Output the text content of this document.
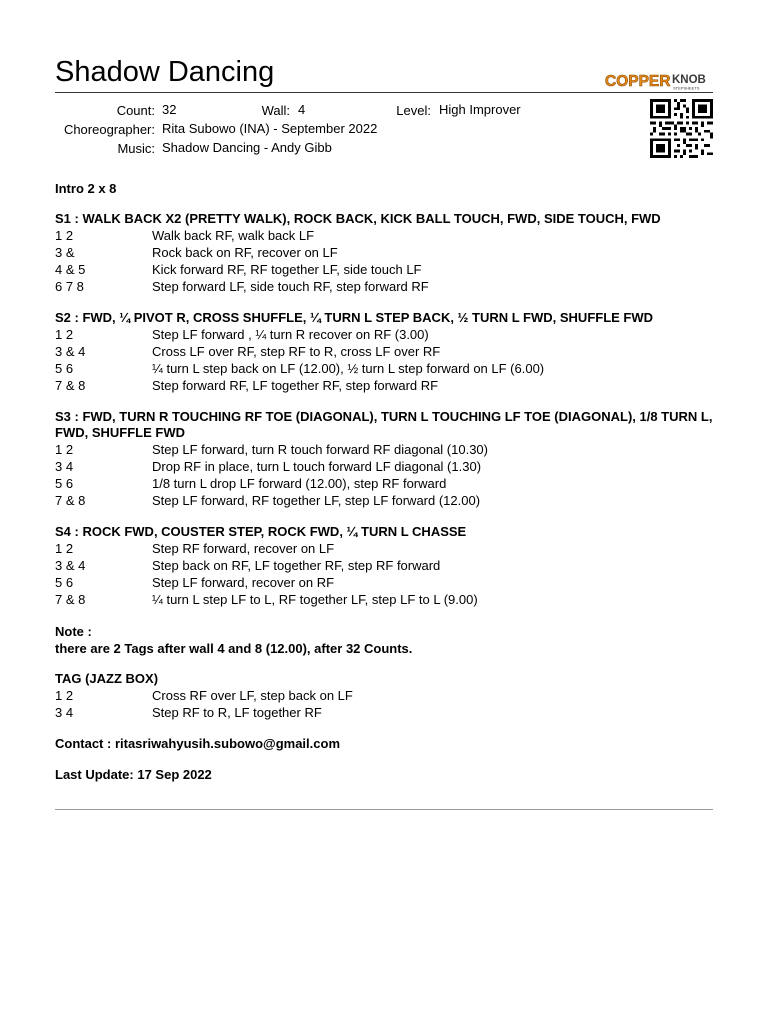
Shadow Dancing	COPPER KNOB
STEPSHEETS
Count: 32	Wall: 4	Level: High Improver
Choreographer: Rita Subowo (INA) - September 2022
Music: Shadow Dancing - Andy Gibb
Intro 2 x 8
S1 : WALK BACK X2 (PRETTY WALK), ROCK BACK, KICK BALL TOUCH, FWD, SIDE TOUCH, FWD
1 2	Walk back RF, walk back LF
3 &	Rock back on RF, recover on LF
4 & 5	Kick forward RF, RF together LF, side touch LF
6 7 8	Step forward LF, side touch RF, step forward RF
S2 : FWD, ¼ PIVOT R, CROSS SHUFFLE, ¼ TURN L STEP BACK, ½ TURN L FWD, SHUFFLE FWD
1 2	Step LF forward , ¼ turn R recover on RF (3.00)
3 & 4	Cross LF over RF, step RF to R, cross LF over RF
5 6	¼ turn L step back on LF (12.00), ½ turn L step forward on LF (6.00)
7 & 8	Step forward RF, LF together RF, step forward RF
S3 : FWD, TURN R TOUCHING RF TOE (DIAGONAL), TURN L TOUCHING LF TOE (DIAGONAL), 1/8 TURN L, FWD, SHUFFLE FWD
1 2	Step LF forward, turn R touch forward RF diagonal (10.30)
3 4	Drop RF in place, turn L touch forward LF diagonal (1.30)
5 6	1/8 turn L drop LF forward (12.00), step RF forward
7 & 8	Step LF forward, RF together LF, step LF forward (12.00)
S4 : ROCK FWD, COUSTER STEP, ROCK FWD, ¼ TURN L CHASSE
1 2	Step RF forward, recover on LF
3 & 4	Step back on RF, LF together RF, step RF forward
5 6	Step LF forward, recover on RF
7 & 8	¼ turn L step LF to L, RF together LF, step LF to L (9.00)
Note :
there are 2 Tags after wall 4 and 8 (12.00), after 32 Counts.
TAG (JAZZ BOX)
1 2	Cross RF over LF, step back on LF
3 4	Step RF to R, LF together RF
Contact : ritasriwahyusih.subowo@gmail.com
Last Update: 17 Sep 2022
